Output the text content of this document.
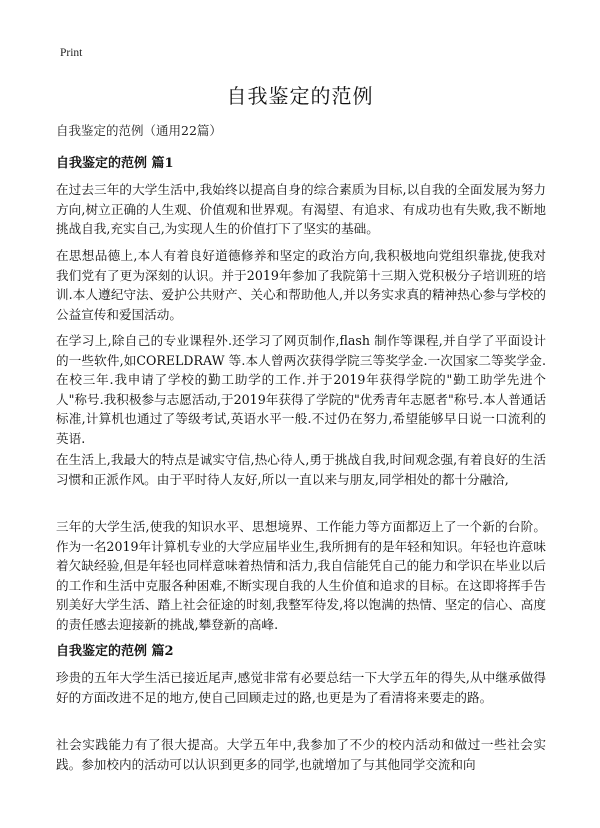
Print
自我鉴定的范例
自我鉴定的范例（通用22篇）
自我鉴定的范例 篇1
在过去三年的大学生活中,我始终以提高自身的综合素质为目标,以自我的全面发展为努力方向,树立正确的人生观、价值观和世界观。有渴望、有追求、有成功也有失败,我不断地挑战自我,充实自己,为实现人生的价值打下了坚实的基础。
在思想品德上,本人有着良好道德修养和坚定的政治方向,我积极地向党组织靠拢,使我对我们党有了更为深刻的认识。并于2019年参加了我院第十三期入党积极分子培训班的培训.本人遵纪守法、爱护公共财产、关心和帮助他人,并以务实求真的精神热心参与学校的公益宣传和爱国活动。
在学习上,除自己的专业课程外.还学习了网页制作,flash 制作等课程,并自学了平面设计的一些软件,如CORELDRAW 等.本人曾两次获得学院三等奖学金.一次国家二等奖学金.在校三年.我申请了学校的勤工助学的工作.并于2019年获得学院的"勤工助学先进个人"称号.我积极参与志愿活动,于2019年获得了学院的"优秀青年志愿者"称号.本人普通话标准,计算机也通过了等级考试,英语水平一般.不过仍在努力,希望能够早日说一口流利的英语.
在生活上,我最大的特点是诚实守信,热心待人,勇于挑战自我,时间观念强,有着良好的生活习惯和正派作风。由于平时待人友好,所以一直以来与朋友,同学相处的都十分融洽,
三年的大学生活,使我的知识水平、思想境界、工作能力等方面都迈上了一个新的台阶。作为一名2019年计算机专业的大学应届毕业生,我所拥有的是年轻和知识。年轻也许意味着欠缺经验,但是年轻也同样意味着热情和活力,我自信能凭自己的能力和学识在毕业以后的工作和生活中克服各种困难,不断实现自我的人生价值和追求的目标。在这即将挥手告别美好大学生活、踏上社会征途的时刻,我整军待发,将以饱满的热情、坚定的信心、高度的责任感去迎接新的挑战,攀登新的高峰.
自我鉴定的范例 篇2
珍贵的五年大学生活已接近尾声,感觉非常有必要总结一下大学五年的得失,从中继承做得好的方面改进不足的地方,使自己回顾走过的路,也更是为了看清将来要走的路。
社会实践能力有了很大提高。大学五年中,我参加了不少的校内活动和做过一些社会实践。参加校内的活动可以认识到更多的同学,也就增加了与其他同学交流和向
